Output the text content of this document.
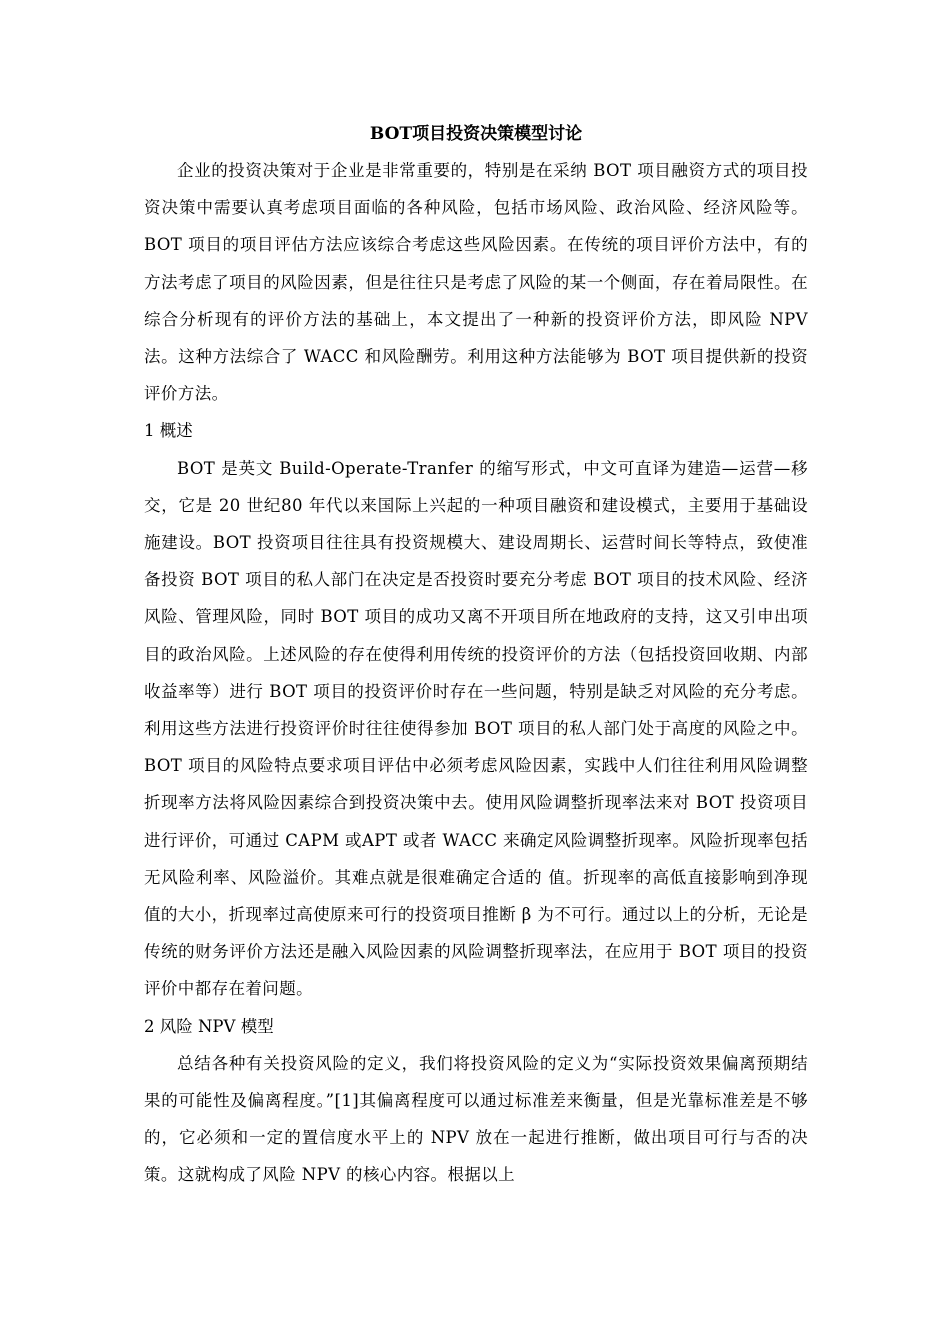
BOT项目投资决策模型讨论

企业的投资决策对于企业是非常重要的，特别是在采纳 BOT 项目融资方式的项目投资决策中需要认真考虑项目面临的各种风险，包括市场风险、政治风险、经济风险等。BOT 项目的项目评估方法应该综合考虑这些风险因素。在传统的项目评价方法中，有的方法考虑了项目的风险因素，但是往往只是考虑了风险的某一个侧面，存在着局限性。在综合分析现有的评价方法的基础上，本文提出了一种新的投资评价方法，即风险 NPV 法。这种方法综合了 WACC 和风险酬劳。利用这种方法能够为 BOT 项目提供新的投资评价方法。

1 概述

BOT 是英文 Build-Operate-Tranfer 的缩写形式，中文可直译为建造—运营—移交，它是 20 世纪80 年代以来国际上兴起的一种项目融资和建设模式，主要用于基础设施建设。BOT 投资项目往往具有投资规模大、建设周期长、运营时间长等特点，致使准备投资 BOT 项目的私人部门在决定是否投资时要充分考虑 BOT 项目的技术风险、经济风险、管理风险，同时 BOT 项目的成功又离不开项目所在地政府的支持，这又引申出项目的政治风险。上述风险的存在使得利用传统的投资评价的方法（包括投资回收期、内部收益率等）进行 BOT 项目的投资评价时存在一些问题，特别是缺乏对风险的充分考虑。利用这些方法进行投资评价时往往使得参加 BOT 项目的私人部门处于高度的风险之中。BOT 项目的风险特点要求项目评估中必须考虑风险因素，实践中人们往往利用风险调整折现率方法将风险因素综合到投资决策中去。使用风险调整折现率法来对 BOT 投资项目进行评价，可通过 CAPM 或APT 或者 WACC 来确定风险调整折现率。风险折现率包括无风险利率、风险溢价。其难点就是很难确定合适的 值。折现率的高低直接影响到净现值的大小，折现率过高使原来可行的投资项目推断 β 为不可行。通过以上的分析，无论是传统的财务评价方法还是融入风险因素的风险调整折现率法，在应用于 BOT 项目的投资评价中都存在着问题。

2 风险 NPV 模型

总结各种有关投资风险的定义，我们将投资风险的定义为“实际投资效果偏离预期结果的可能性及偏离程度。”[1]其偏离程度可以通过标准差来衡量，但是光靠标准差是不够的，它必须和一定的置信度水平上的 NPV 放在一起进行推断，做出项目可行与否的决策。这就构成了风险 NPV 的核心内容。根据以上
